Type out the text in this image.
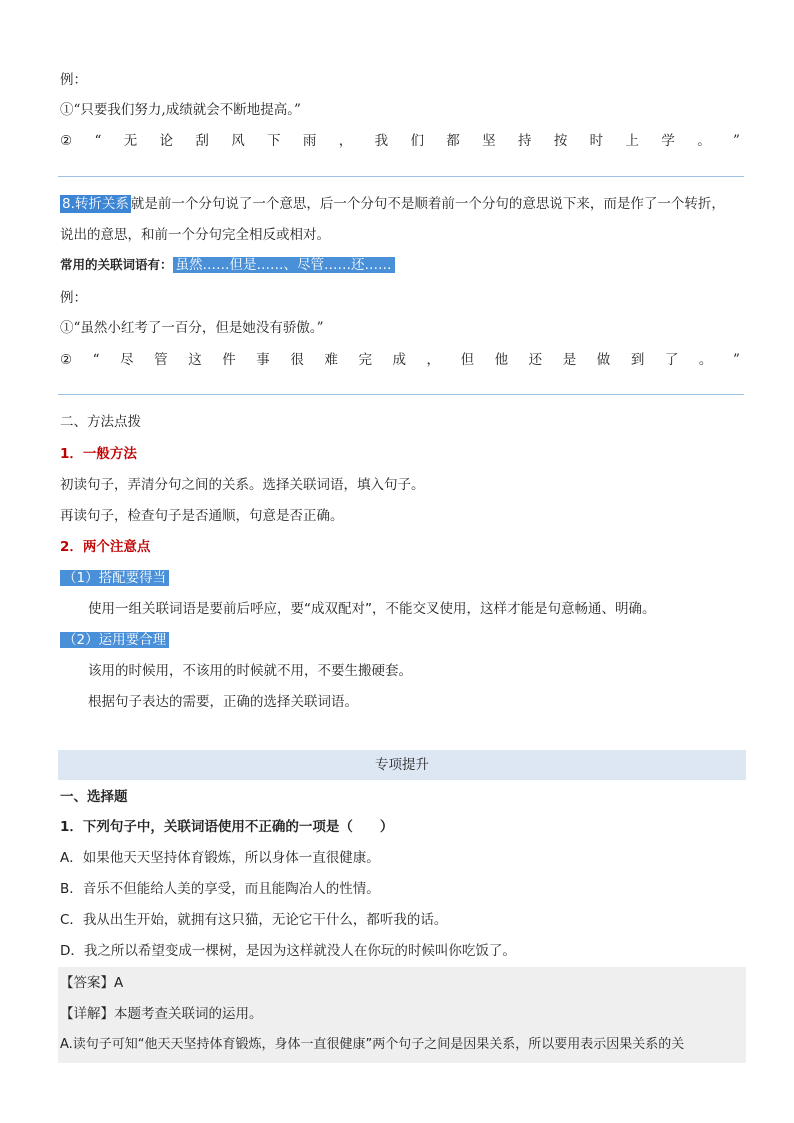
例：
①“只要我们努力,成绩就会不断地提高。”
② “ 无 论 刮 风 下 雨 ， 我 们 都 坚 持 按 时 上 学 。 ”
8.转折关系 就是前一个分句说了一个意思，后一个分句不是顺着前一个分句的意思说下来，而是作了一个转折，
说出的意思，和前一个分句完全相反或相对。
常用的关联词语有： 虽然……但是……、尽管……还……
例：
①“虽然小红考了一百分，但是她没有骄傲。”
② “ 尽 管 这 件 事 很 难 完 成 ， 但 他 还 是 做 到 了 。 ”
二、方法点拨
1．一般方法
初读句子，弄清分句之间的关系。选择关联词语，填入句子。
再读句子，检查句子是否通顺，句意是否正确。
2．两个注意点
（1）搭配要得当
使用一组关联词语是要前后呼应，要“成双配对”，不能交叉使用，这样才能是句意畅通、明确。
（2）运用要合理
该用的时候用，不该用的时候就不用，不要生搬硬套。
根据句子表达的需要，正确的选择关联词语。
专项提升
一、选择题
1．下列句子中，关联词语使用不正确的一项是（　　）
A．如果他天天坚持体育锻炼，所以身体一直很健康。
B．音乐不但能给人美的享受，而且能陶冶人的性情。
C．我从出生开始，就拥有这只猫，无论它干什么，都听我的话。
D．我之所以希望变成一棵树，是因为这样就没人在你玩的时候叫你吃饭了。
【答案】A
【详解】本题考查关联词的运用。
A.读句子可知“他天天坚持体育锻炼，身体一直很健康”两个句子之间是因果关系，所以要用表示因果关系的关
